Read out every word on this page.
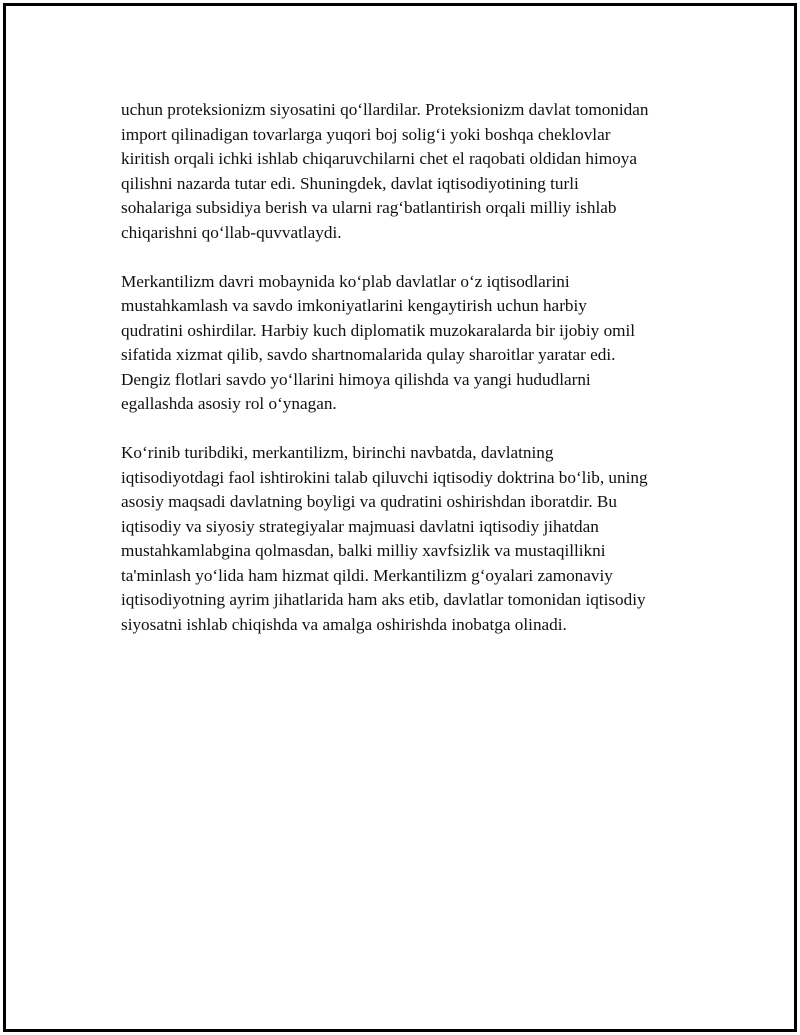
uchun proteksionizm siyosatini qo‘llardilar. Proteksionizm davlat tomonidan
import qilinadigan tovarlarga yuqori boj solig‘i yoki boshqa cheklovlar
kiritish orqali ichki ishlab chiqaruvchilarni chet el raqobati oldidan himoya
qilishni nazarda tutar edi. Shuningdek, davlat iqtisodiyotining turli
sohalariga subsidiya berish va ularni rag‘batlantirish orqali milliy ishlab
chiqarishni qo‘llab-quvvatlaydi.

Merkantilizm davri mobaynida ko‘plab davlatlar o‘z iqtisodlarini
mustahkamlash va savdo imkoniyatlarini kengaytirish uchun harbiy
qudratini oshirdilar. Harbiy kuch diplomatik muzokaralarda bir ijobiy omil
sifatida xizmat qilib, savdo shartnomalarida qulay sharoitlar yaratar edi.
Dengiz flotlari savdo yo‘llarini himoya qilishda va yangi hududlarni
egallashda asosiy rol o‘ynagan.

Ko‘rinib turibdiki, merkantilizm, birinchi navbatda, davlatning
iqtisodiyotdagi faol ishtirokini talab qiluvchi iqtisodiy doktrina bo‘lib, uning
asosiy maqsadi davlatning boyligi va qudratini oshirishdan iboratdir. Bu
iqtisodiy va siyosiy strategiyalar majmuasi davlatni iqtisodiy jihatdan
mustahkamlabgina qolmasdan, balki milliy xavfsizlik va mustaqillikni
ta'minlash yo‘lida ham hizmat qildi. Merkantilizm g‘oyalari zamonaviy
iqtisodiyotning ayrim jihatlarida ham aks etib, davlatlar tomonidan iqtisodiy
siyosatni ishlab chiqishda va amalga oshirishda inobatga olinadi.
